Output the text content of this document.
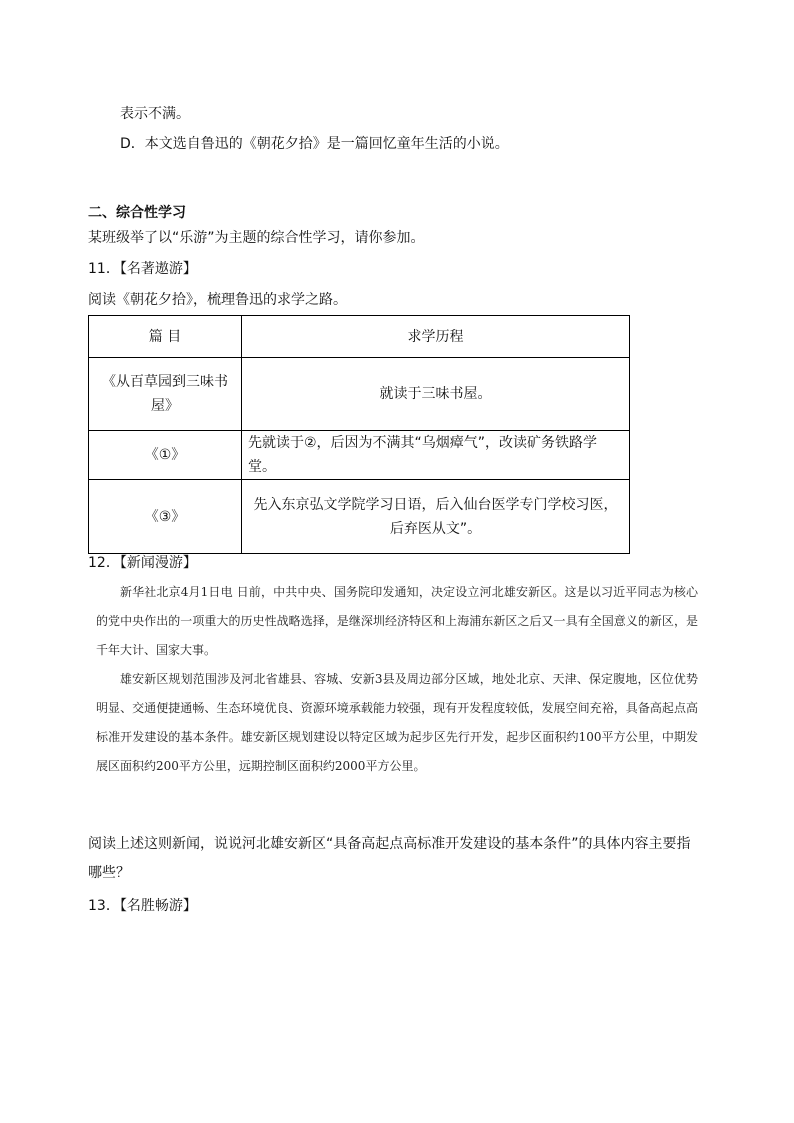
表示不满。
D．本文选自鲁迅的《朝花夕拾》是一篇回忆童年生活的小说。
二、综合性学习
某班级举了以“乐游”为主题的综合性学习，请你参加。
11．【名著遨游】
阅读《朝花夕拾》，梳理鲁迅的求学之路。
篇 目	求学历程
《从百草园到三味书屋》	就读于三味书屋。
《①》	先就读于②，后因为不满其“乌烟瘴气”，改读矿务铁路学堂。
《③》	先入东京弘文学院学习日语，后入仙台医学专门学校习医，后弃医从文”。
12．【新闻漫游】

新华社北京4月1日电 日前，中共中央、国务院印发通知，决定设立河北雄安新区。这是以习近平同志为核心的党中央作出的一项重大的历史性战略选择，是继深圳经济特区和上海浦东新区之后又一具有全国意义的新区，是千年大计、国家大事。

雄安新区规划范围涉及河北省雄县、容城、安新3县及周边部分区域，地处北京、天津、保定腹地，区位优势明显、交通便捷通畅、生态环境优良、资源环境承载能力较强，现有开发程度较低，发展空间充裕，具备高起点高标准开发建设的基本条件。雄安新区规划建设以特定区域为起步区先行开发，起步区面积约100平方公里，中期发展区面积约200平方公里，远期控制区面积约2000平方公里。

阅读上述这则新闻，说说河北雄安新区“具备高起点高标准开发建设的基本条件”的具体内容主要指哪些？
13．【名胜畅游】
